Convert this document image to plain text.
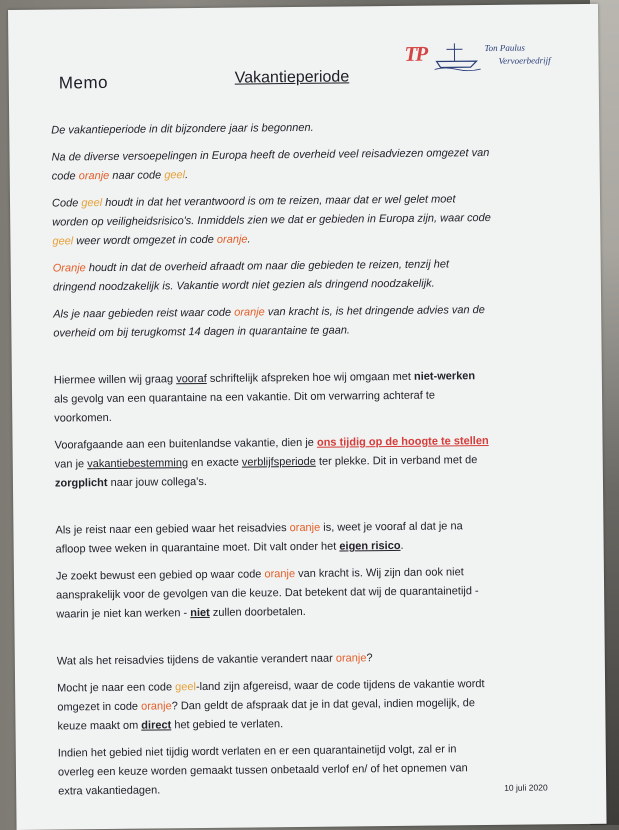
Memo	Vakantieperiode
TP	Ton Paulus
Vervoerbedrijf
De vakantieperiode in dit bijzondere jaar is begonnen.
Na de diverse versoepelingen in Europa heeft de overheid veel reisadviezen omgezet van
code oranje naar code geel.
Code geel houdt in dat het verantwoord is om te reizen, maar dat er wel gelet moet
worden op veiligheidsrisico's. Inmiddels zien we dat er gebieden in Europa zijn, waar code
geel weer wordt omgezet in code oranje.
Oranje houdt in dat de overheid afraadt om naar die gebieden te reizen, tenzij het
dringend noodzakelijk is. Vakantie wordt niet gezien als dringend noodzakelijk.
Als je naar gebieden reist waar code oranje van kracht is, is het dringende advies van de
overheid om bij terugkomst 14 dagen in quarantaine te gaan.
Hiermee willen wij graag vooraf schriftelijk afspreken hoe wij omgaan met niet-werken
als gevolg van een quarantaine na een vakantie. Dit om verwarring achteraf te
voorkomen.
Voorafgaande aan een buitenlandse vakantie, dien je ons tijdig op de hoogte te stellen
van je vakantiebestemming en exacte verblijfsperiode ter plekke. Dit in verband met de
zorgplicht naar jouw collega's.
Als je reist naar een gebied waar het reisadvies oranje is, weet je vooraf al dat je na
afloop twee weken in quarantaine moet. Dit valt onder het eigen risico.
Je zoekt bewust een gebied op waar code oranje van kracht is. Wij zijn dan ook niet
aansprakelijk voor de gevolgen van die keuze. Dat betekent dat wij de quarantainetijd -
waarin je niet kan werken - niet zullen doorbetalen.
Wat als het reisadvies tijdens de vakantie verandert naar oranje?
Mocht je naar een code geel-land zijn afgereisd, waar de code tijdens de vakantie wordt
omgezet in code oranje? Dan geldt de afspraak dat je in dat geval, indien mogelijk, de
keuze maakt om direct het gebied te verlaten.
Indien het gebied niet tijdig wordt verlaten en er een quarantainetijd volgt, zal er in
overleg een keuze worden gemaakt tussen onbetaald verlof en/ of het opnemen van
extra vakantiedagen.	10 juli 2020
